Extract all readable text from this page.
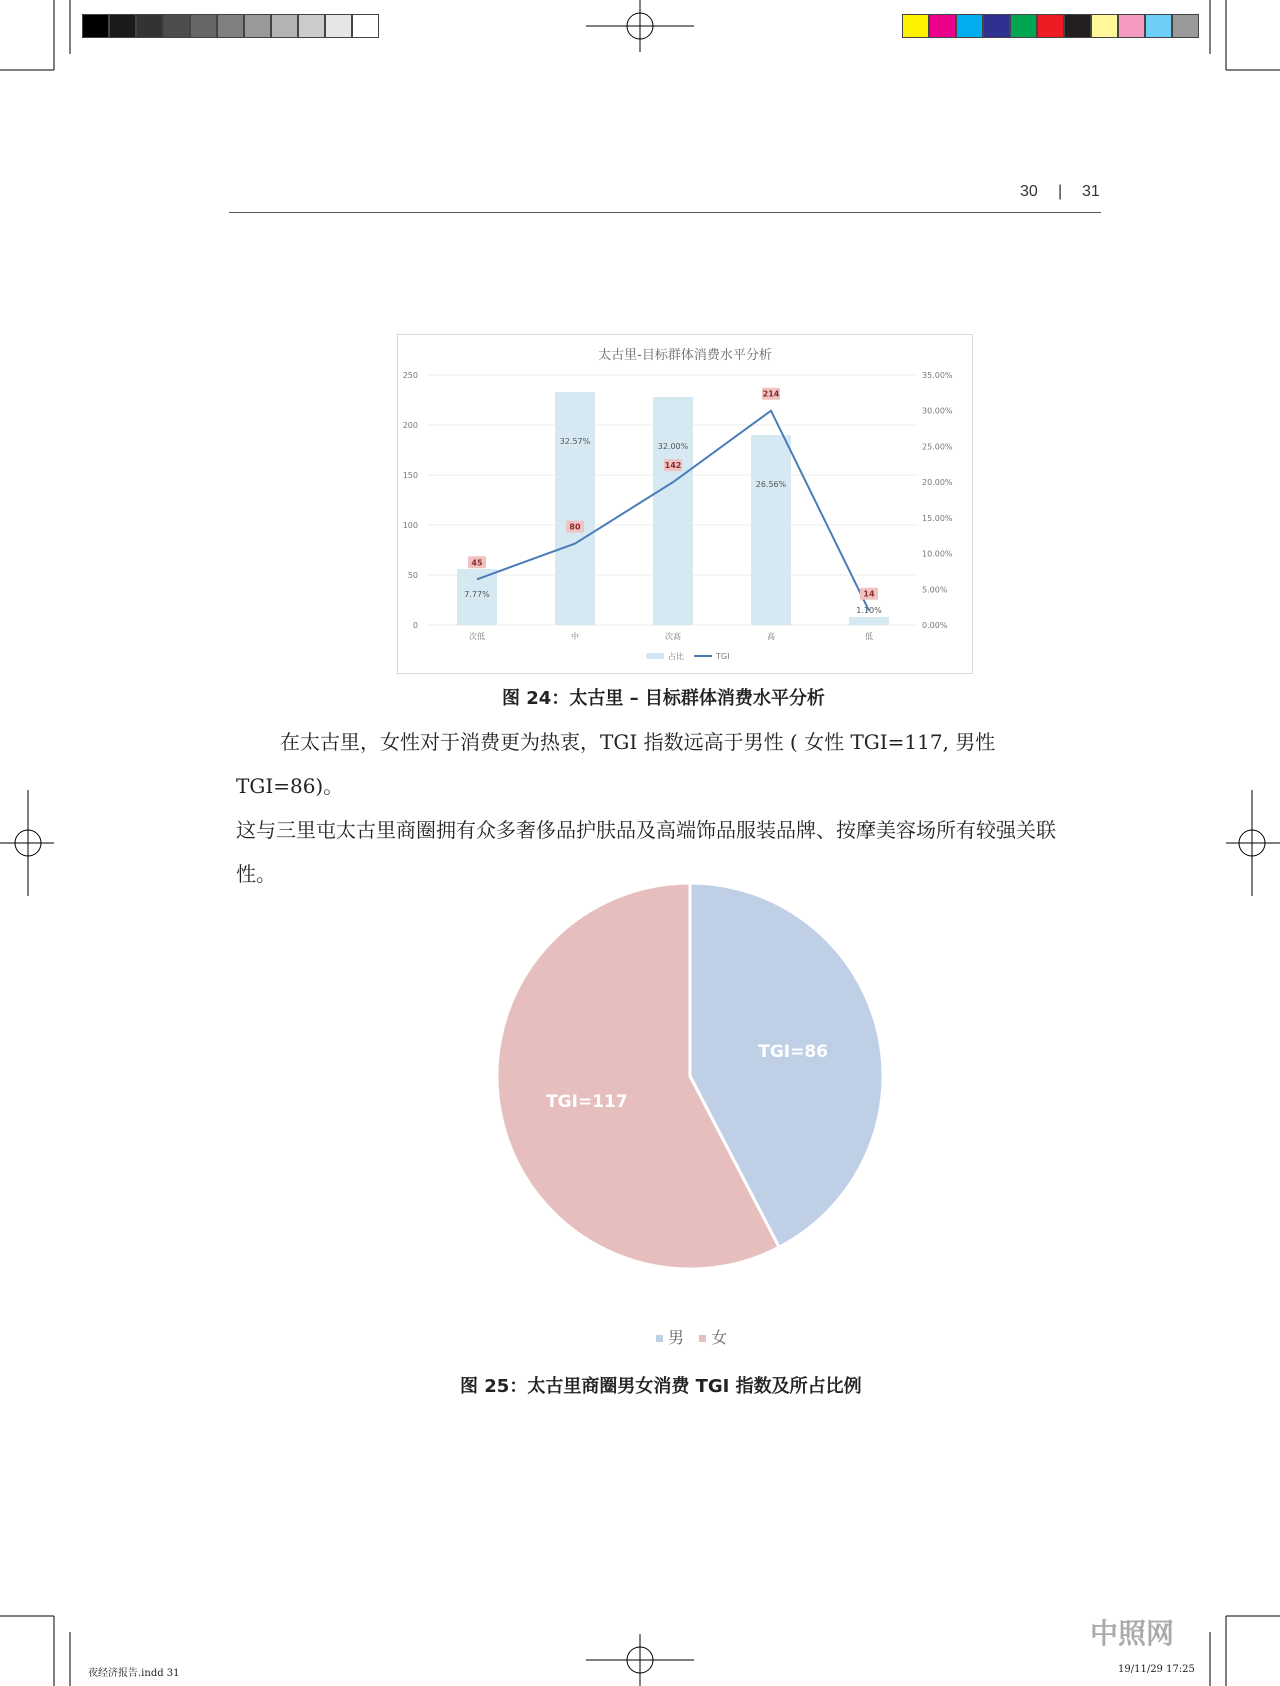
30 | 31
太古里-目标群体消费水平分析
0
50
100
150
200
250
0.00%
5.00%
10.00%
15.00%
20.00%
25.00%
30.00%
35.00%
7.77%
次低
32.57%
中
32.00%
次高
26.56%
高
1.10%
低
45
80
142
214
14
占比	TGI
图 24：太古里 – 目标群体消费水平分析

在太古里，女性对于消费更为热衷，TGI 指数远高于男性 ( 女性 TGI=117, 男性 TGI=86)。

这与三里屯太古里商圈拥有众多奢侈品护肤品及高端饰品服装品牌、按摩美容场所有较强关联
性。
TGI=86
TGI=117
男 女
图 25：太古里商圈男女消费 TGI 指数及所占比例
中照网
夜经济报告.indd 31	19/11/29 17:25
